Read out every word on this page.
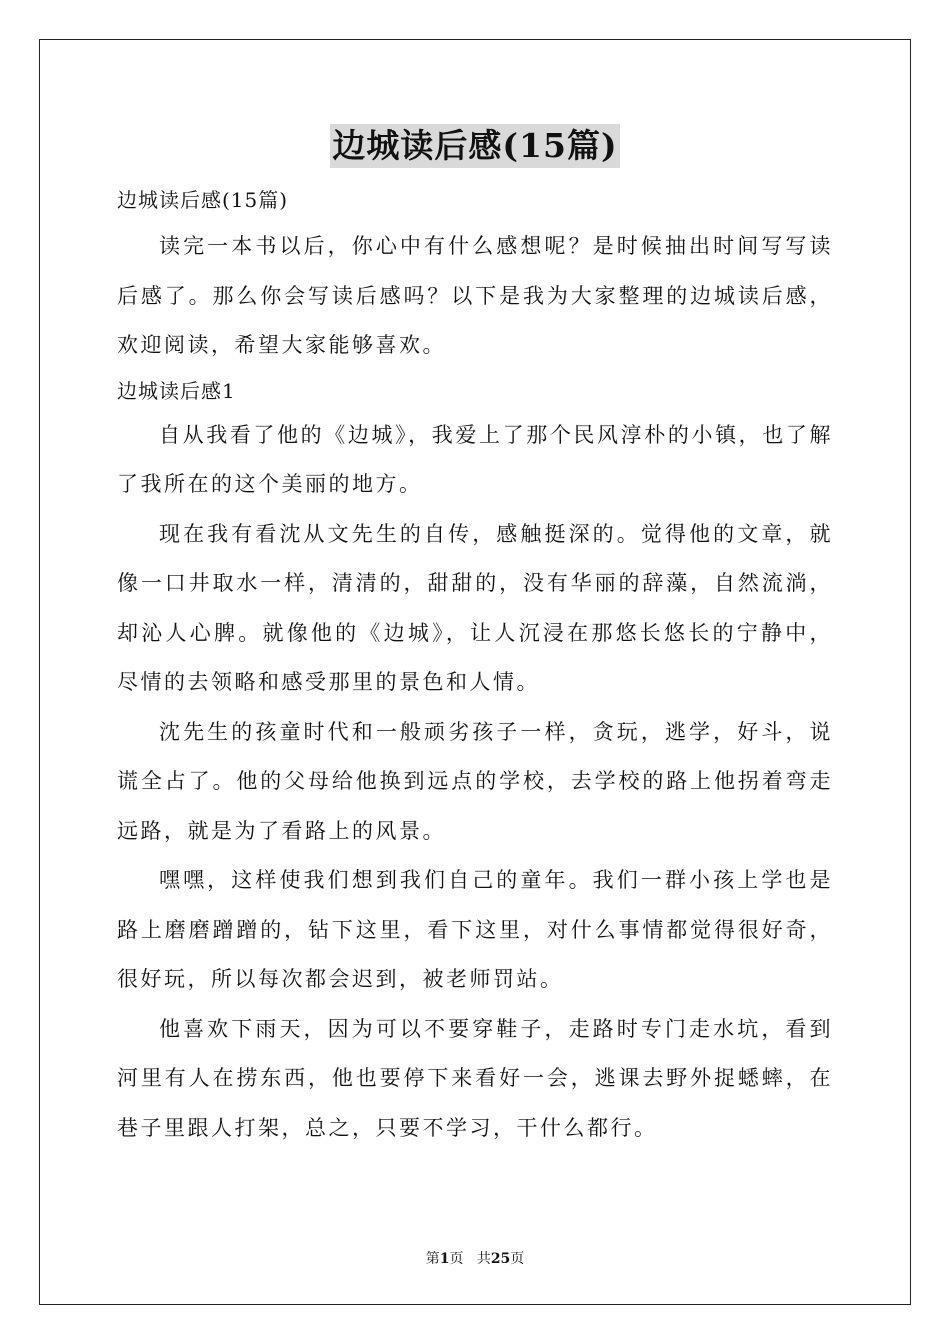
边城读后感(15篇)

边城读后感(15篇)

读完一本书以后，你心中有什么感想呢？是时候抽出时间写写读后感了。那么你会写读后感吗？以下是我为大家整理的边城读后感，欢迎阅读，希望大家能够喜欢。

边城读后感1

自从我看了他的《边城》，我爱上了那个民风淳朴的小镇，也了解了我所在的这个美丽的地方。

现在我有看沈从文先生的自传，感触挺深的。觉得他的文章，就像一口井取水一样，清清的，甜甜的，没有华丽的辞藻，自然流淌，却沁人心脾。就像他的《边城》，让人沉浸在那悠长悠长的宁静中，尽情的去领略和感受那里的景色和人情。

沈先生的孩童时代和一般顽劣孩子一样，贪玩，逃学，好斗，说谎全占了。他的父母给他换到远点的学校，去学校的路上他拐着弯走远路，就是为了看路上的风景。

嘿嘿，这样使我们想到我们自己的童年。我们一群小孩上学也是路上磨磨蹭蹭的，钻下这里，看下这里，对什么事情都觉得很好奇，很好玩，所以每次都会迟到，被老师罚站。

他喜欢下雨天，因为可以不要穿鞋子，走路时专门走水坑，看到河里有人在捞东西，他也要停下来看好一会，逃课去野外捉蟋蟀，在巷子里跟人打架，总之，只要不学习，干什么都行。

第1页 共25页
